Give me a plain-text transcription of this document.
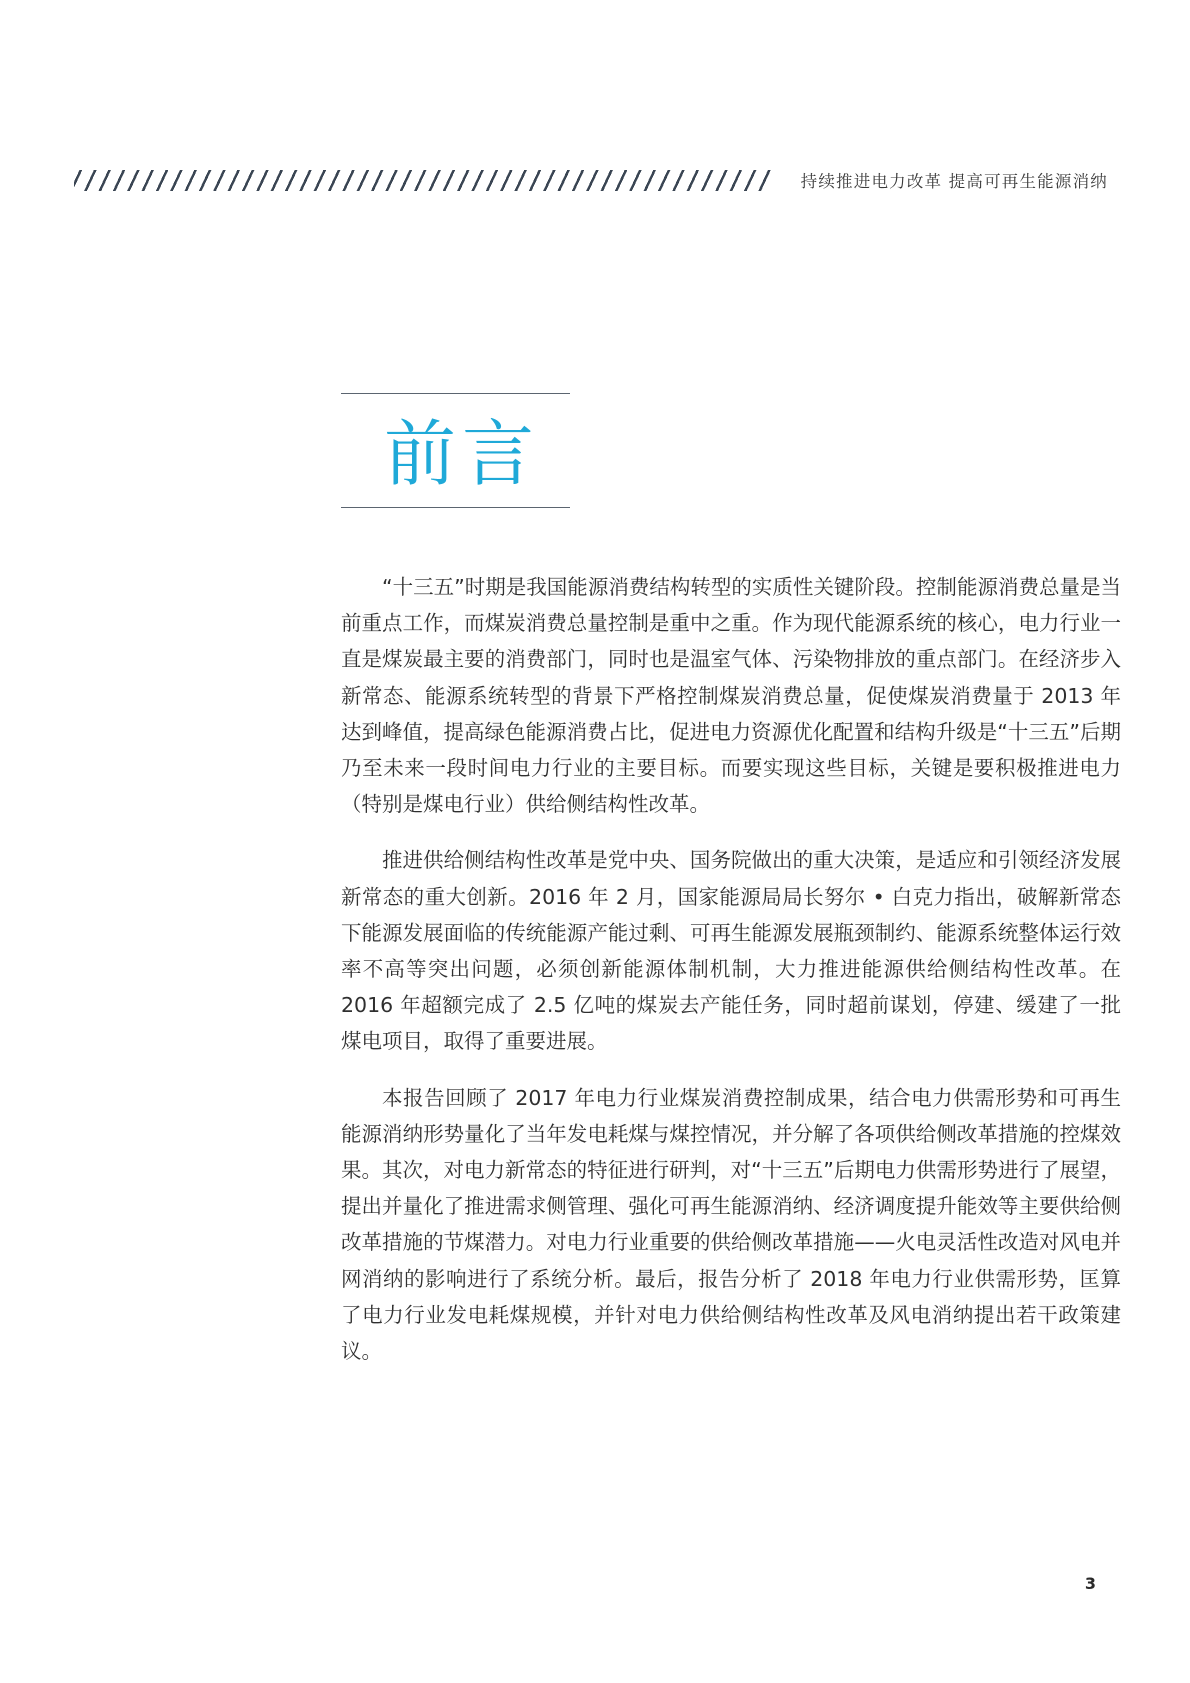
持续推进电力改革 提高可再生能源消纳
前言

“十三五”时期是我国能源消费结构转型的实质性关键阶段。控制能源消费总量是当前重点工作，而煤炭消费总量控制是重中之重。作为现代能源系统的核心，电力行业一直是煤炭最主要的消费部门，同时也是温室气体、污染物排放的重点部门。在经济步入新常态、能源系统转型的背景下严格控制煤炭消费总量，促使煤炭消费量于 2013 年达到峰值，提高绿色能源消费占比，促进电力资源优化配置和结构升级是“十三五”后期乃至未来一段时间电力行业的主要目标。而要实现这些目标，关键是要积极推进电力（特别是煤电行业）供给侧结构性改革。

推进供给侧结构性改革是党中央、国务院做出的重大决策，是适应和引领经济发展新常态的重大创新。2016 年 2 月，国家能源局局长努尔 • 白克力指出，破解新常态下能源发展面临的传统能源产能过剩、可再生能源发展瓶颈制约、能源系统整体运行效率不高等突出问题，必须创新能源体制机制，大力推进能源供给侧结构性改革。在 2016 年超额完成了 2.5 亿吨的煤炭去产能任务，同时超前谋划，停建、缓建了一批煤电项目，取得了重要进展。

本报告回顾了 2017 年电力行业煤炭消费控制成果，结合电力供需形势和可再生能源消纳形势量化了当年发电耗煤与煤控情况，并分解了各项供给侧改革措施的控煤效果。其次，对电力新常态的特征进行研判，对“十三五”后期电力供需形势进行了展望，提出并量化了推进需求侧管理、强化可再生能源消纳、经济调度提升能效等主要供给侧改革措施的节煤潜力。对电力行业重要的供给侧改革措施——火电灵活性改造对风电并网消纳的影响进行了系统分析。最后，报告分析了 2018 年电力行业供需形势，匡算了电力行业发电耗煤规模，并针对电力供给侧结构性改革及风电消纳提出若干政策建议。

3
